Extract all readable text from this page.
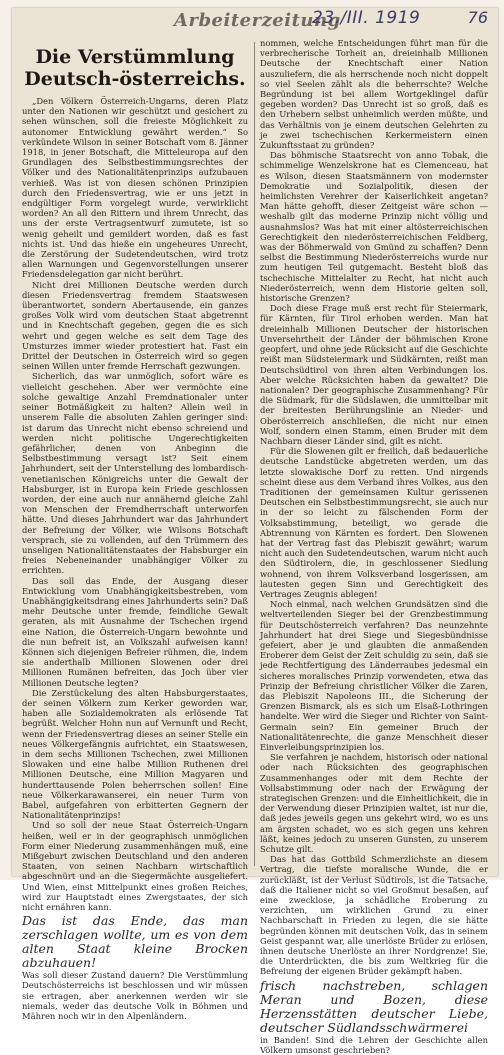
Arbeiterzeitung
23./III. 1919	76
Die Verstümmlung Deutsch-österreichs.

„Den Völkern Österreich-Ungarns, deren Platz unter den Nationen wir geschützt und gesichert zu sehen wünschen, soll die freieste Möglichkeit zu autonomer Entwicklung gewährt werden.“ So verkündete Wilson in seiner Botschaft vom 8. Jänner 1918, in jener Botschaft, die Mitteleuropa auf den Grundlagen des Selbstbestimmungsrechtes der Völker und des Nationalitätenprinzips aufzubauen verhieß. Was ist von diesen schönen Prinzipien durch den Friedensvertrag, wie er uns jetzt in endgültiger Form vorgelegt wurde, verwirklicht worden? An all den Rittern und ihrem Unrecht, das uns der erste Vertragsentwurf zumutete, ist so wenig geheilt und gemildert worden, daß es fast nichts ist. Und das hieße ein ungeheures Unrecht, die Zerstörung der Sudetendeutschen, wird trotz allen Warnungen und Gegenvorstellungen unserer Friedensdelegation gar nicht berührt.

Nicht drei Millionen Deutsche werden durch diesen Friedensvertrag fremdem Staatswesen überantwortet, sondern Abertausende, ein ganzes großes Volk wird vom deutschen Staat abgetrennt und in Knechtschaft gegeben, gegen die es sich wehrt und gegen welche es seit dem Tage des Umsturzes immer wieder protestiert hat. Fast ein Drittel der Deutschen in Österreich wird so gegen seinen Willen unter fremde Herrschaft gezwungen.

Sicherlich, das war unmöglich, sofort wäre es vielleicht geschehen. Aber wer vermöchte eine solche gewaltige Anzahl Fremdnationaler unter seiner Botmäßigkeit zu halten? Allein weil in unserem Falle die absoluten Zahlen geringer sind: ist darum das Unrecht nicht ebenso schreiend und werden nicht politische Ungerechtigkeiten gefährlicher, denen von Anbeginn die Selbstbestimmung versagt ist? Seit einem Jahrhundert, seit der Unterstellung des lombardisch-venetianischen Königreichs unter die Gewalt der Habsburger, ist in Europa kein Friede geschlossen worden, der eine auch nur annähernd gleiche Zahl von Menschen der Fremdherrschaft unterworfen hätte. Und dieses Jahrhundert war das Jahrhundert der Befreiung der Völker, wie Wilsons Botschaft versprach, sie zu vollenden, auf den Trümmern des unseligen Nationalitätenstaates der Habsburger ein freies Nebeneinander unabhängiger Völker zu errichten.

Das soll das Ende, der Ausgang dieser Entwicklung vom Unabhängigkeitsbestreben, vom Unabhängigkeitsdrang eines Jahrhunderts sein? Daß mehr Deutsche unter fremde, feindliche Gewalt geraten, als mit Ausnahme der Tschechen irgend eine Nation, die Österreich-Ungarn bewohnte und die nun befreit ist, an Volkszahl aufweisen kann! Können sich diejenigen Befreier rühmen, die, indem sie anderthalb Millionen Slowenen oder drei Millionen Rumänen befreiten, das Joch über vier Millionen Deutsche legten?

Die Zerstückelung des alten Habsburgerstaates, der seinen Völkern zum Kerker geworden war, haben alle Sozialdemokraten als erlösende Tat begrüßt. Welcher Hohn nun auf Vernunft und Recht, wenn der Friedensvertrag dieses an seiner Stelle ein neues Völkergefängnis aufrichtet, ein Staatswesen, in dem sechs Millionen Tschechen, zwei Millionen Slowaken und eine halbe Million Ruthenen drei Millionen Deutsche, eine Million Magyaren und hunderttausende Polen beherrschen sollen! Eine neue Völkerkarawanserei, ein neuer Turm von Babel, aufgefahren von erbitterten Gegnern der Nationalitätenprinzips!

Und so soll der neue Staat Österreich-Ungarn heißen, weil er in der geographisch unmöglichen Form einer Niederung zusammenhängen muß, eine Mißgeburt zwischen Deutschland und den anderen Staaten, von seinen Nachbarn wirtschaftlich abgeschnürt und an die Siegermächte ausgeliefert. Und Wien, einst Mittelpunkt eines großen Reiches, wird zur Hauptstadt eines Zwergstaates, der sich nicht ernähren kann.

Das ist das Ende, das man zerschlagen wollte, um es von dem alten Staat kleine Brocken abzuhauen!
Was soll dieser Zustand dauern? Die Verstümmlung Deutschösterreichs ist beschlossen und wir müssen sie ertragen, aber anerkennen werden wir sie niemals, weder das deutsche Volk in Böhmen und Mähren noch wir in den Alpenländern.

nommen, welche Entscheidungen führt man für die verbrecherische Torheit an, dreieinhalb Millionen Deutsche der Knechtschaft einer Nation auszuliefern, die als herrschende noch nicht doppelt so viel Seelen zählt als die beherrschte? Welche Begründung ist bei allem Wortgeklingel dafür gegeben worden? Das Unrecht ist so groß, daß es den Urhebern selbst unheimlich werden müßte, und das Verhältnis von je einem deutschen Gelehrten zu je zwei tschechischen Kerkermeistern einen Zukunftsstaat zu gründen?

Das böhmische Staatsrecht von anno Tobak, die schimmelige Wenzelskrone hat es Clemenceau, hat es Wilson, diesen Staatsmännern von modernster Demokratie und Sozialpolitik, diesen der heimlichsten Verehrer der Kaiserlichkeit angetan? Man hätte gehofft, dieser Zeitgeist wäre schon — weshalb gilt das moderne Prinzip nicht völlig und ausnahmslos? Was hat mit einer altösterreichischen Gerechtigkeit den niederösterreichischen Feldberg, was der Böhmerwald von Gmünd zu schaffen? Denn selbst die Bestimmung Niederösterreichs wurde nur zum heutigen Teil gutgemacht. Besteht bloß das tschechische Mittelalter zu Recht, hat nicht auch Niederösterreich, wenn dem Historie gelten soll, historische Grenzen?

Doch diese Frage muß erst recht für Steiermark, für Kärnten, für Tirol erhoben werden. Man hat dreieinhalb Millionen Deutscher der historischen Unversehrtheit der Länder der böhmischen Krone geopfert, und ohne jede Rücksicht auf die Geschichte reißt man Südsteiermark und Südkärnten, reißt man Deutschsüdtirol von ihren alten Verbindungen los. Aber welche Rücksichten haben da gewaltet? Die nationalen? Der geographische Zusammenhang? Für die Südmark, für die Südslawen, die unmittelbar mit der breitesten Berührungslinie an Nieder- und Oberösterreich anschließen, die nicht nur einen Wolf, sondern einen Stamm, einen Bruder mit dem Nachbarn dieser Länder sind, gilt es nicht.

Für die Slowenen gilt er freilich, daß bedauerliche deutsche Landstücke abgetreten werden, um das letzte slowakische Dorf zu retten. Und nirgends scheint diese aus dem Verband ihres Volkes, aus den Traditionen der gemeinsamen Kultur gerissenen Deutschen ein Selbstbestimmungsrecht, sie auch nur in der so leicht zu fälschenden Form der Volksabstimmung, beteiligt, wo gerade die Abtrennung von Kärnten es fordert. Den Slowenen hat der Vertrag fast das Plebiszit gewährt; warum nicht auch den Sudetendeutschen, warum nicht auch den Südtirolern, die, in geschlossener Siedlung wohnend, von ihrem Volksverband losgerissen, am lautesten gegen Sinn und Gerechtigkeit des Vertrages Zeugnis ablegen!

Noch einmal, nach welchen Grundsätzen sind die weltverteilenden Sieger bei der Grenzbestimmung für Deutschösterreich verfahren? Das neunzehnte Jahrhundert hat drei Siege und Siegesbündnisse gefeiert, aber je und glaubten die anmaßenden Eroberer dem Geist der Zeit schuldig zu sein, daß sie jede Rechtfertigung des Länderraubes jedesmal ein sicheres moralisches Prinzip vorwendeten, etwa das Prinzip der Befreiung christlicher Völker die Zaren, das Plebiszit Napoleons III., die Sicherung der Grenzen Bismarck, als es sich um Elsaß-Lothringen handelte. Wer wird die Sieger und Richter von Saint-Germain sein? Ein gemeiner Bruch der Nationalitätenrechte, die ganze Menschheit dieser Einverleibungsprinzipien los.

Sie verfahren je nachdem, historisch oder national oder nach Rücksichten des geographischen Zusammenhanges oder mit dem Rechte der Vollsabstimmung oder nach der Erwägung der strategischen Grenzen: und die Einheitlichkeit, die in der Verwendung dieser Prinzipien waltet, ist nur die, daß jedes jeweils gegen uns gekehrt wird, wo es uns am ärgsten schadet, wo es sich gegen uns kehren läßt, keines jedoch zu unseren Gunsten, zu unserem Schutze gilt.

Das hat das Gottbild Schmerzlichste an diesem Vertrag, die tiefste moralische Wunde, die er zurückläßt, ist der Verlust Südtirols, ist die Tatsache, daß die Italiener nicht so viel Großmut besaßen, auf eine zwecklose, ja schädliche Eroberung zu verzichten, um wirklichen Grund zu einer Nachbarschaft in Frieden zu legen, die sie hätte begründen können mit deutschen Volk, das in seinem Geist gespannt war, alle unerlöste Brüder zu erlösen, ihnen deutsche Unerlöste an ihrer Nordgrenze! Sie, die Unterdrückten, die bis zum Weltkrieg für die Befreiung der eigenen Brüder gekämpft haben.

frisch nachstreben, schlagen Meran und Bozen, diese Herzensstätten deutscher Liebe, deutscher Südlandsschwärmerei
in Banden! Sind die Lehren der Geschichte allen Völkern umsonst geschrieben?
